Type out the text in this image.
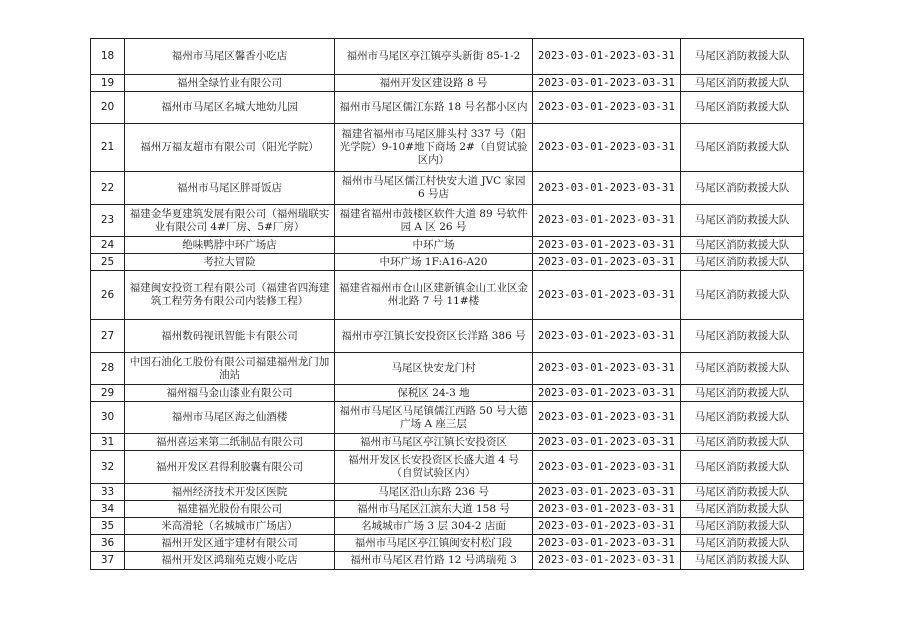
18	福州市马尾区馨香小吃店	福州市马尾区亭江镇亭头新街 85-1-2	2023-03-01-2023-03-31	马尾区消防救援大队
19	福州全绿竹业有限公司	福州开发区建设路 8 号	2023-03-01-2023-03-31	马尾区消防救援大队
20	福州市马尾区名城大地幼儿园	福州市马尾区儒江东路 18 号名都小区内	2023-03-01-2023-03-31	马尾区消防救援大队
21	福州万福友超市有限公司（阳光学院）	福建省福州市马尾区腓头村 337 号（阳光学院）9-10#地下商场 2#（自贸试验区内）	2023-03-01-2023-03-31	马尾区消防救援大队
22	福州市马尾区胖哥饭店	福州市马尾区儒江村快安大道 JVC 家园 6 号店	2023-03-01-2023-03-31	马尾区消防救援大队
23	福建金华夏建筑发展有限公司（福州瑞联实业有限公司 4#厂房、5#厂房）	福建省福州市鼓楼区软件大道 89 号软件园 A 区 26 号	2023-03-01-2023-03-31	马尾区消防救援大队
24	绝味鸭脖中环广场店	中环广场	2023-03-01-2023-03-31	马尾区消防救援大队
25	考拉大冒险	中环广场 1F:A16-A20	2023-03-01-2023-03-31	马尾区消防救援大队
26	福建闽安投资工程有限公司（福建省四海建筑工程劳务有限公司内装修工程）	福建省福州市仓山区建新镇金山工业区金州北路 7 号 11#楼	2023-03-01-2023-03-31	马尾区消防救援大队
27	福州数码视讯智能卡有限公司	福州市亭江镇长安投资区长洋路 386 号	2023-03-01-2023-03-31	马尾区消防救援大队
28	中国石油化工股份有限公司福建福州龙门加油站	马尾区快安龙门村	2023-03-01-2023-03-31	马尾区消防救援大队
29	福州福马金山漆业有限公司	保税区 24-3 地	2023-03-01-2023-03-31	马尾区消防救援大队
30	福州市马尾区海之仙酒楼	福州市马尾区马尾镇儒江西路 50 号大德广场 A 座三层	2023-03-01-2023-03-31	马尾区消防救援大队
31	福州喜运来第二纸制品有限公司	福州市马尾区亭江镇长安投资区	2023-03-01-2023-03-31	马尾区消防救援大队
32	福州开发区君得利胶囊有限公司	福州开发区长安投资区长盛大道 4 号（自贸试验区内）	2023-03-01-2023-03-31	马尾区消防救援大队
33	福州经济技术开发区医院	马尾区沿山东路 236 号	2023-03-01-2023-03-31	马尾区消防救援大队
34	福建福光股份有限公司	福州市马尾区江滨东大道 158 号	2023-03-01-2023-03-31	马尾区消防救援大队
35	米高滑轮（名城城市广场店）	名城城市广场 3 层 304-2 店面	2023-03-01-2023-03-31	马尾区消防救援大队
36	福州开发区通宇建材有限公司	福州市马尾区亭江镇闽安村松门段	2023-03-01-2023-03-31	马尾区消防救援大队
37	福州开发区鸿瑞苑克嫂小吃店	福州市马尾区君竹路 12 号鸿瑞苑 3	2023-03-01-2023-03-31	马尾区消防救援大队
